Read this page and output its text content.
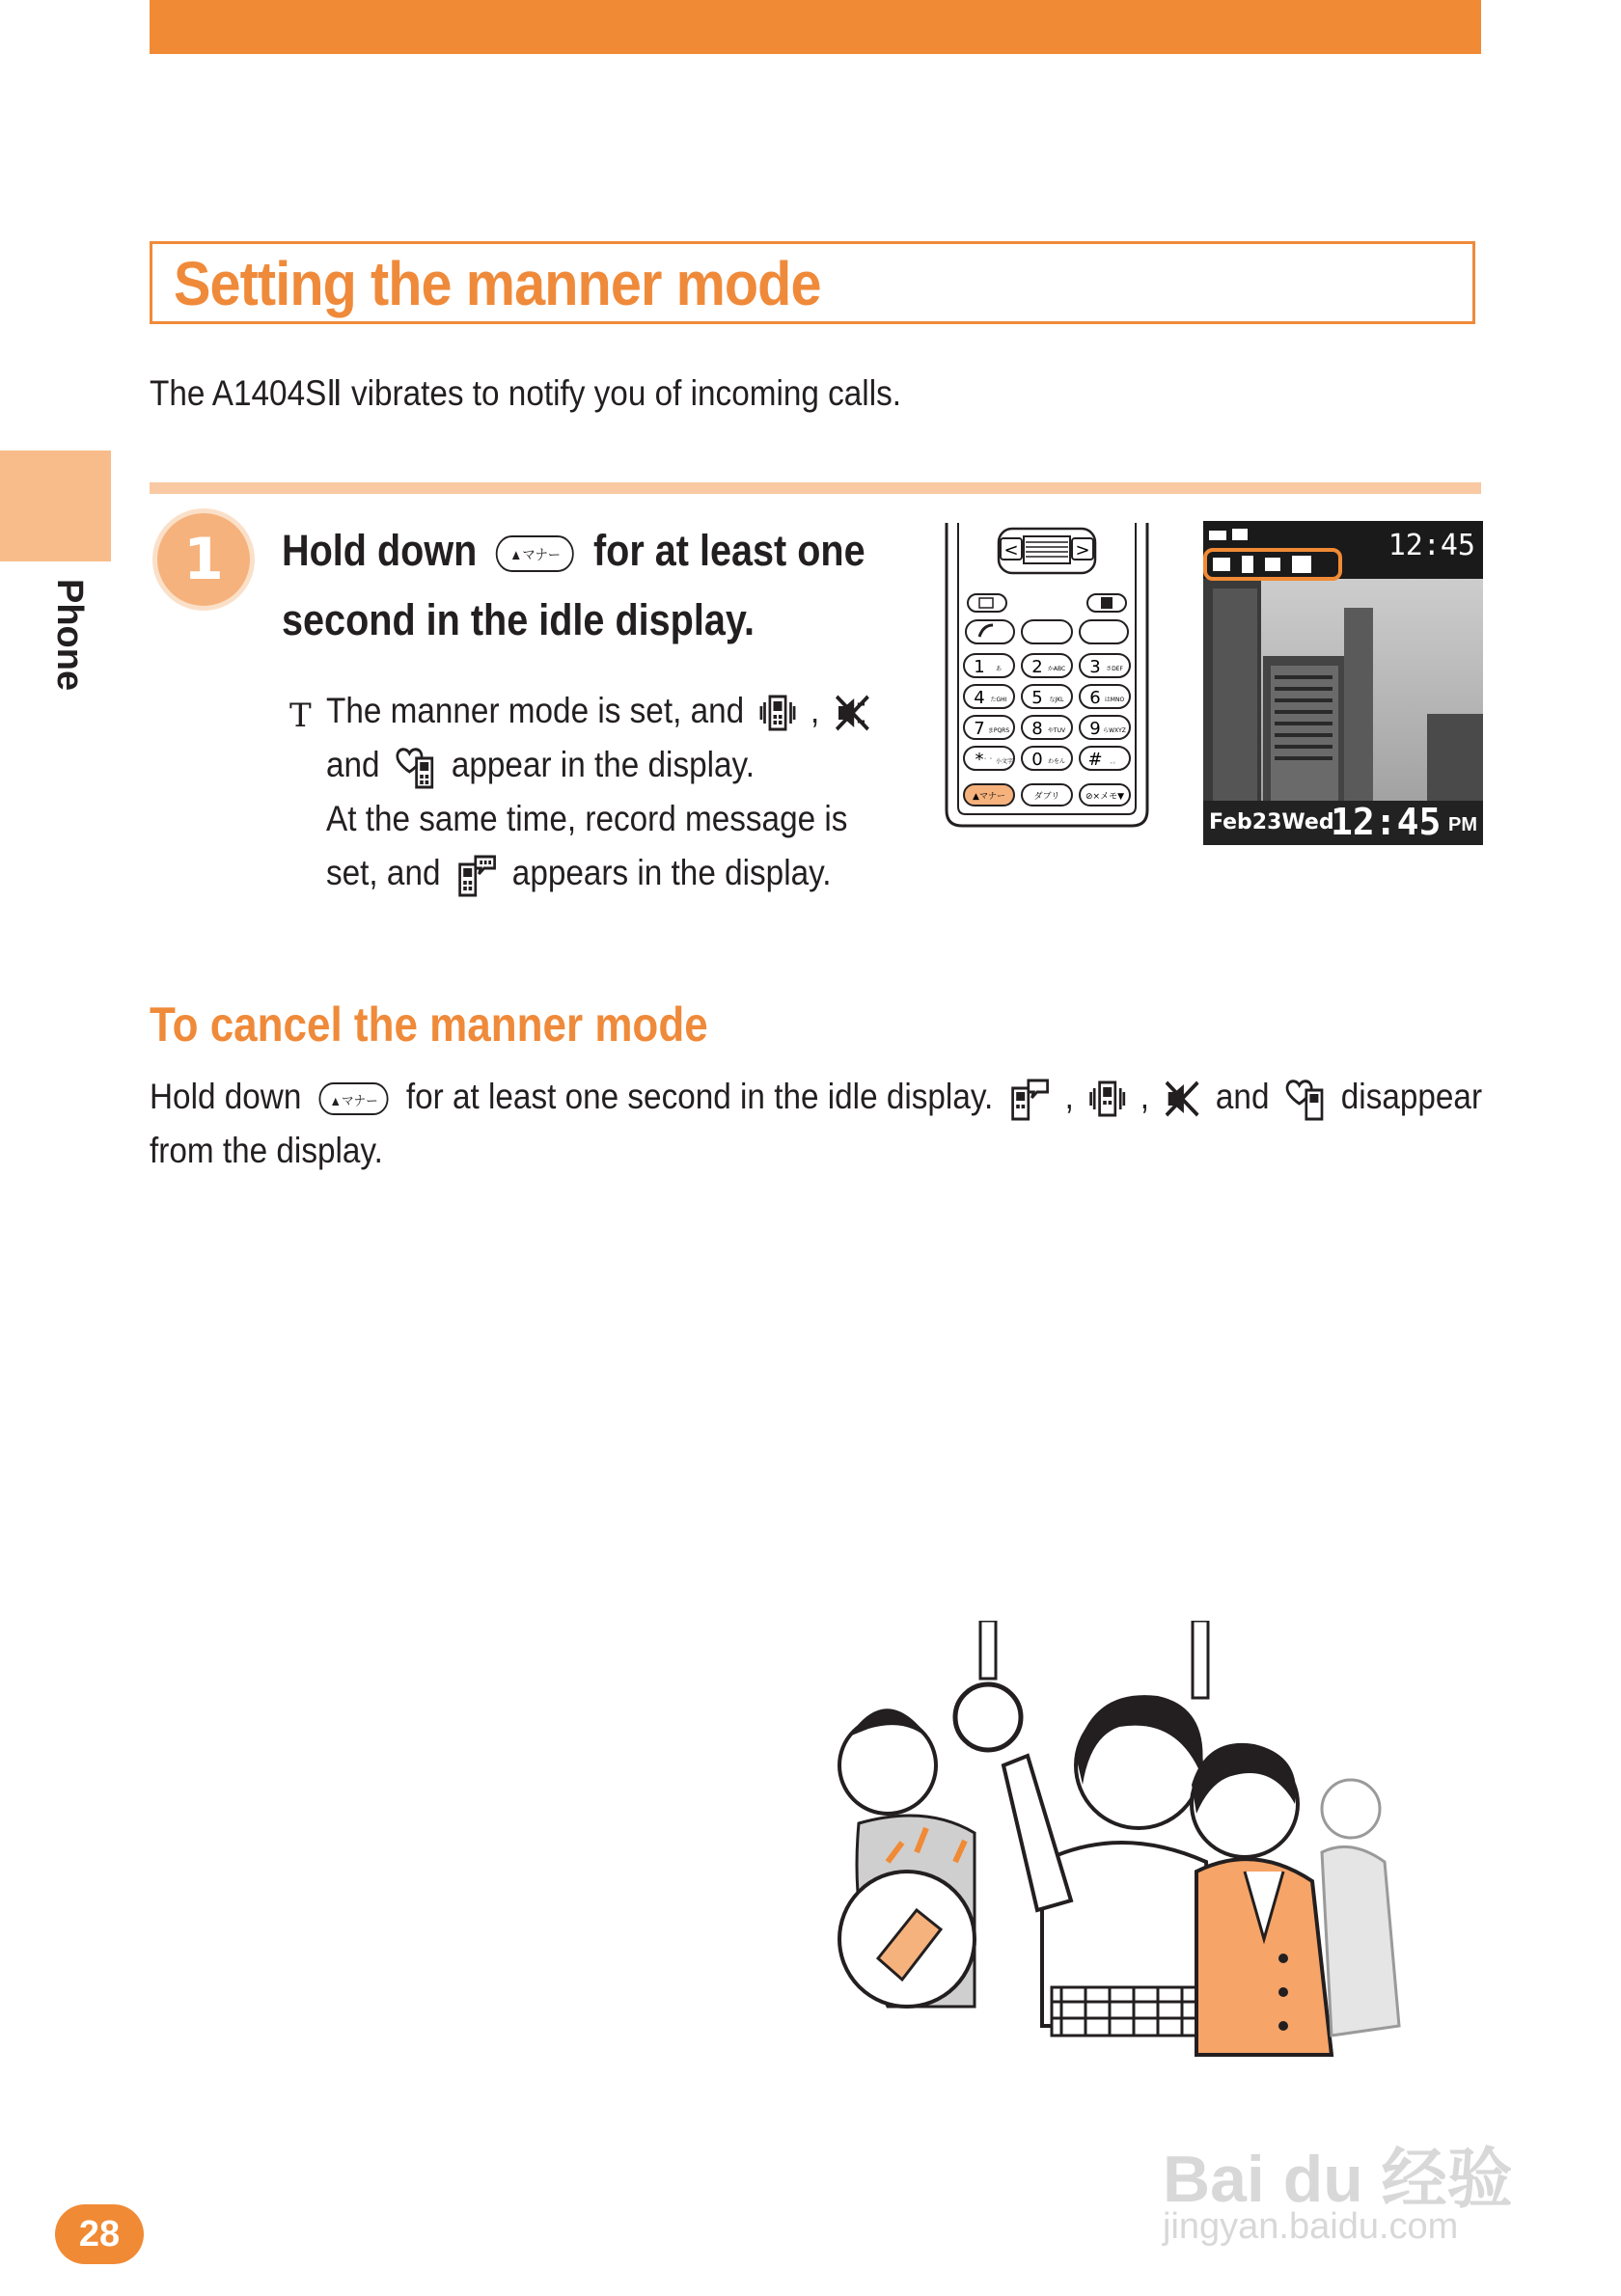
Setting the manner mode
The A1404SⅡ vibrates to notify you of incoming calls.
Phone
1 Hold down ▲マナー for at least one
second in the idle display.
T The manner mode is set, and ,
and appear in the display.
At the same time, record message is
set, and appears in the display.
<	>
1 あ 2 かABC 3 さDEF
4 たGHI 5 なJKL 6 はMNO
7 まPQRS 8 やTUV 9 らWXYZ
* ゛゜小文字 0 わをん # 、。
▲マナー	ダブリ	⊘×メモ▼
12:45
Feb23Wed
12:45 PM
To cancel the manner mode
Hold down ▲マナー for at least one second in the idle display. , , and disappear
from the display.
28
Bai du 经验
jingyan.baidu.com
